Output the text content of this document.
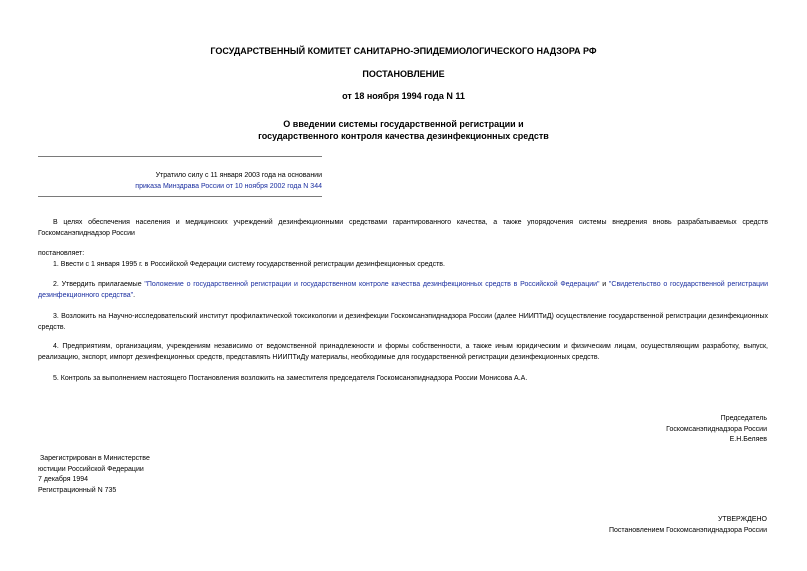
ГОСУДАРСТВЕННЫЙ КОМИТЕТ САНИТАРНО-ЭПИДЕМИОЛОГИЧЕСКОГО НАДЗОРА РФ
ПОСТАНОВЛЕНИЕ
от 18 ноября 1994 года N 11
О введении системы государственной регистрации и
государственного контроля качества дезинфекционных средств
Утратило силу с 11 января 2003 года на основании
приказа Минздрава России от 10 ноября 2002 года N 344
В целях обеспечения населения и медицинских учреждений дезинфекционными средствами гарантированного качества, а также упорядочения системы внедрения вновь разрабатываемых средств Госкомсанэпиднадзор России
постановляет:
1. Ввести с 1 января 1995 г. в Российской Федерации систему государственной регистрации дезинфекционных средств.
2. Утвердить прилагаемые "Положение о государственной регистрации и государственном контроле качества дезинфекционных средств в Российской Федерации" и "Свидетельство о государственной регистрации дезинфекционного средства".
3. Возложить на Научно-исследовательский институт профилактической токсикологии и дезинфекции Госкомсанэпиднадзора России (далее НИИПТиД) осуществление государственной регистрации дезинфекционных средств.
4. Предприятиям, организациям, учреждениям независимо от ведомственной принадлежности и формы собственности, а также иным юридическим и физическим лицам, осуществляющим разработку, выпуск, реализацию, экспорт, импорт дезинфекционных средств, представлять НИИПТиДу материалы, необходимые для государственной регистрации дезинфекционных средств.
5. Контроль за выполнением настоящего Постановления возложить на заместителя председателя Госкомсанэпиднадзора России Монисова А.А.
Председатель
Госкомсанэпиднадзора России
Е.Н.Беляев
Зарегистрирован в Министерстве
юстиции Российской Федерации
7 декабря 1994
Регистрационный N 735
УТВЕРЖДЕНО
Постановлением Госкомсанэпиднадзора России
